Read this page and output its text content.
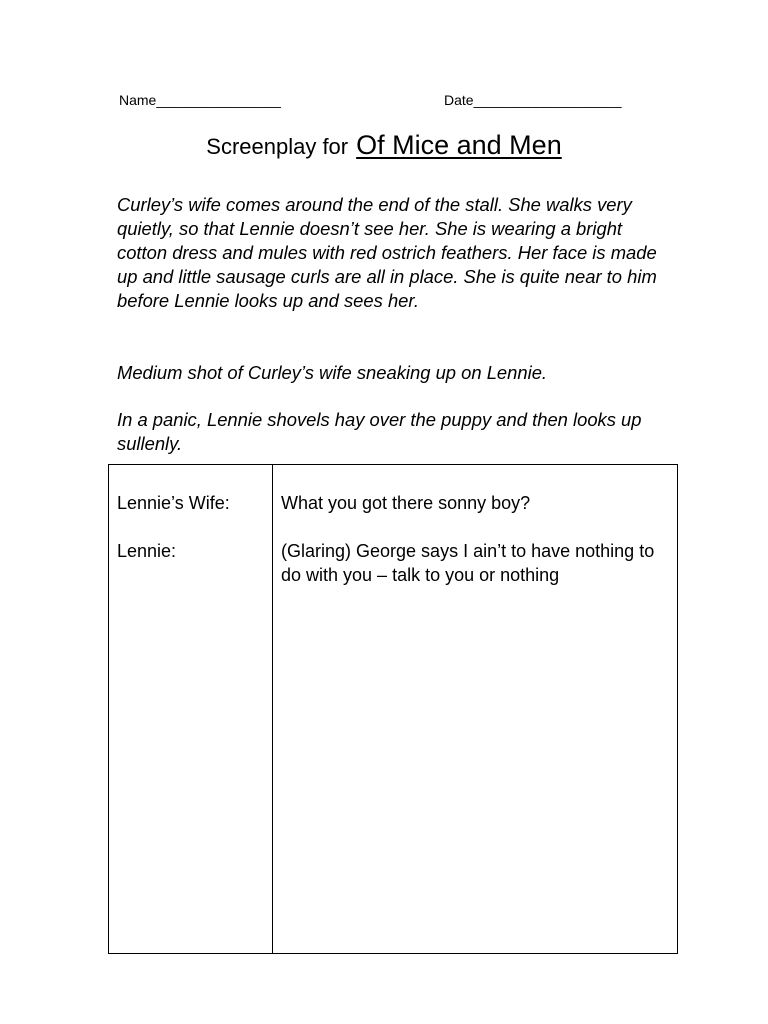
Name________________	Date___________________
Screenplay for Of Mice and Men

Curley’s wife comes around the end of the stall. She walks very quietly, so that Lennie doesn’t see her. She is wearing a bright cotton dress and mules with red ostrich feathers. Her face is made up and little sausage curls are all in place. She is quite near to him before Lennie looks up and sees her.

Medium shot of Curley’s wife sneaking up on Lennie.

In a panic, Lennie shovels hay over the puppy and then looks up sullenly.

Lennie’s Wife:	What you got there sonny boy?
Lennie:	(Glaring) George says I ain’t to have nothing to do with you – talk to you or nothing
